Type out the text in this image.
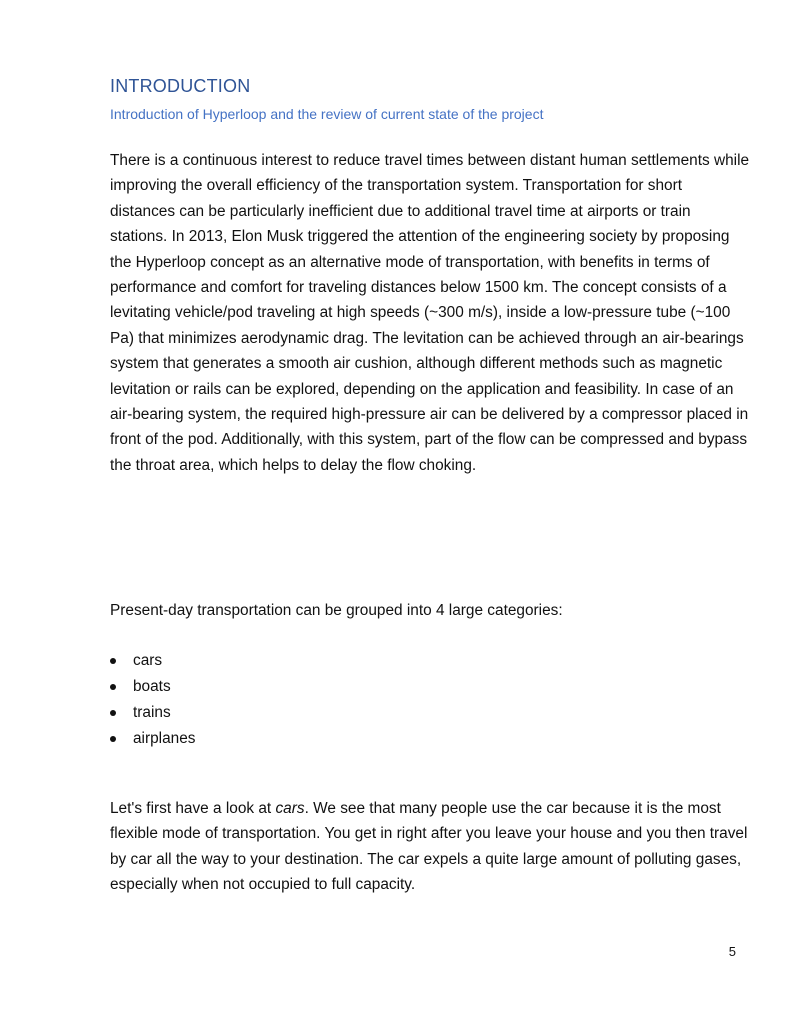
INTRODUCTION
Introduction of Hyperloop and the review of current state of the project

There is a continuous interest to reduce travel times between distant human settlements while improving the overall efficiency of the transportation system. Transportation for short distances can be particularly inefficient due to additional travel time at airports or train stations. In 2013, Elon Musk triggered the attention of the engineering society by proposing the Hyperloop concept as an alternative mode of transportation, with benefits in terms of performance and comfort for traveling distances below 1500 km. The concept consists of a levitating vehicle/pod traveling at high speeds (~300 m/s), inside a low-pressure tube (~100 Pa) that minimizes aerodynamic drag. The levitation can be achieved through an air-bearings system that generates a smooth air cushion, although different methods such as magnetic levitation or rails can be explored, depending on the application and feasibility. In case of an air-bearing system, the required high-pressure air can be delivered by a compressor placed in front of the pod. Additionally, with this system, part of the flow can be compressed and bypass the throat area, which helps to delay the flow choking.

Present-day transportation can be grouped into 4 large categories:

cars
boats
trains
airplanes

Let's first have a look at cars. We see that many people use the car because it is the most flexible mode of transportation. You get in right after you leave your house and you then travel by car all the way to your destination. The car expels a quite large amount of polluting gases, especially when not occupied to full capacity.

5
